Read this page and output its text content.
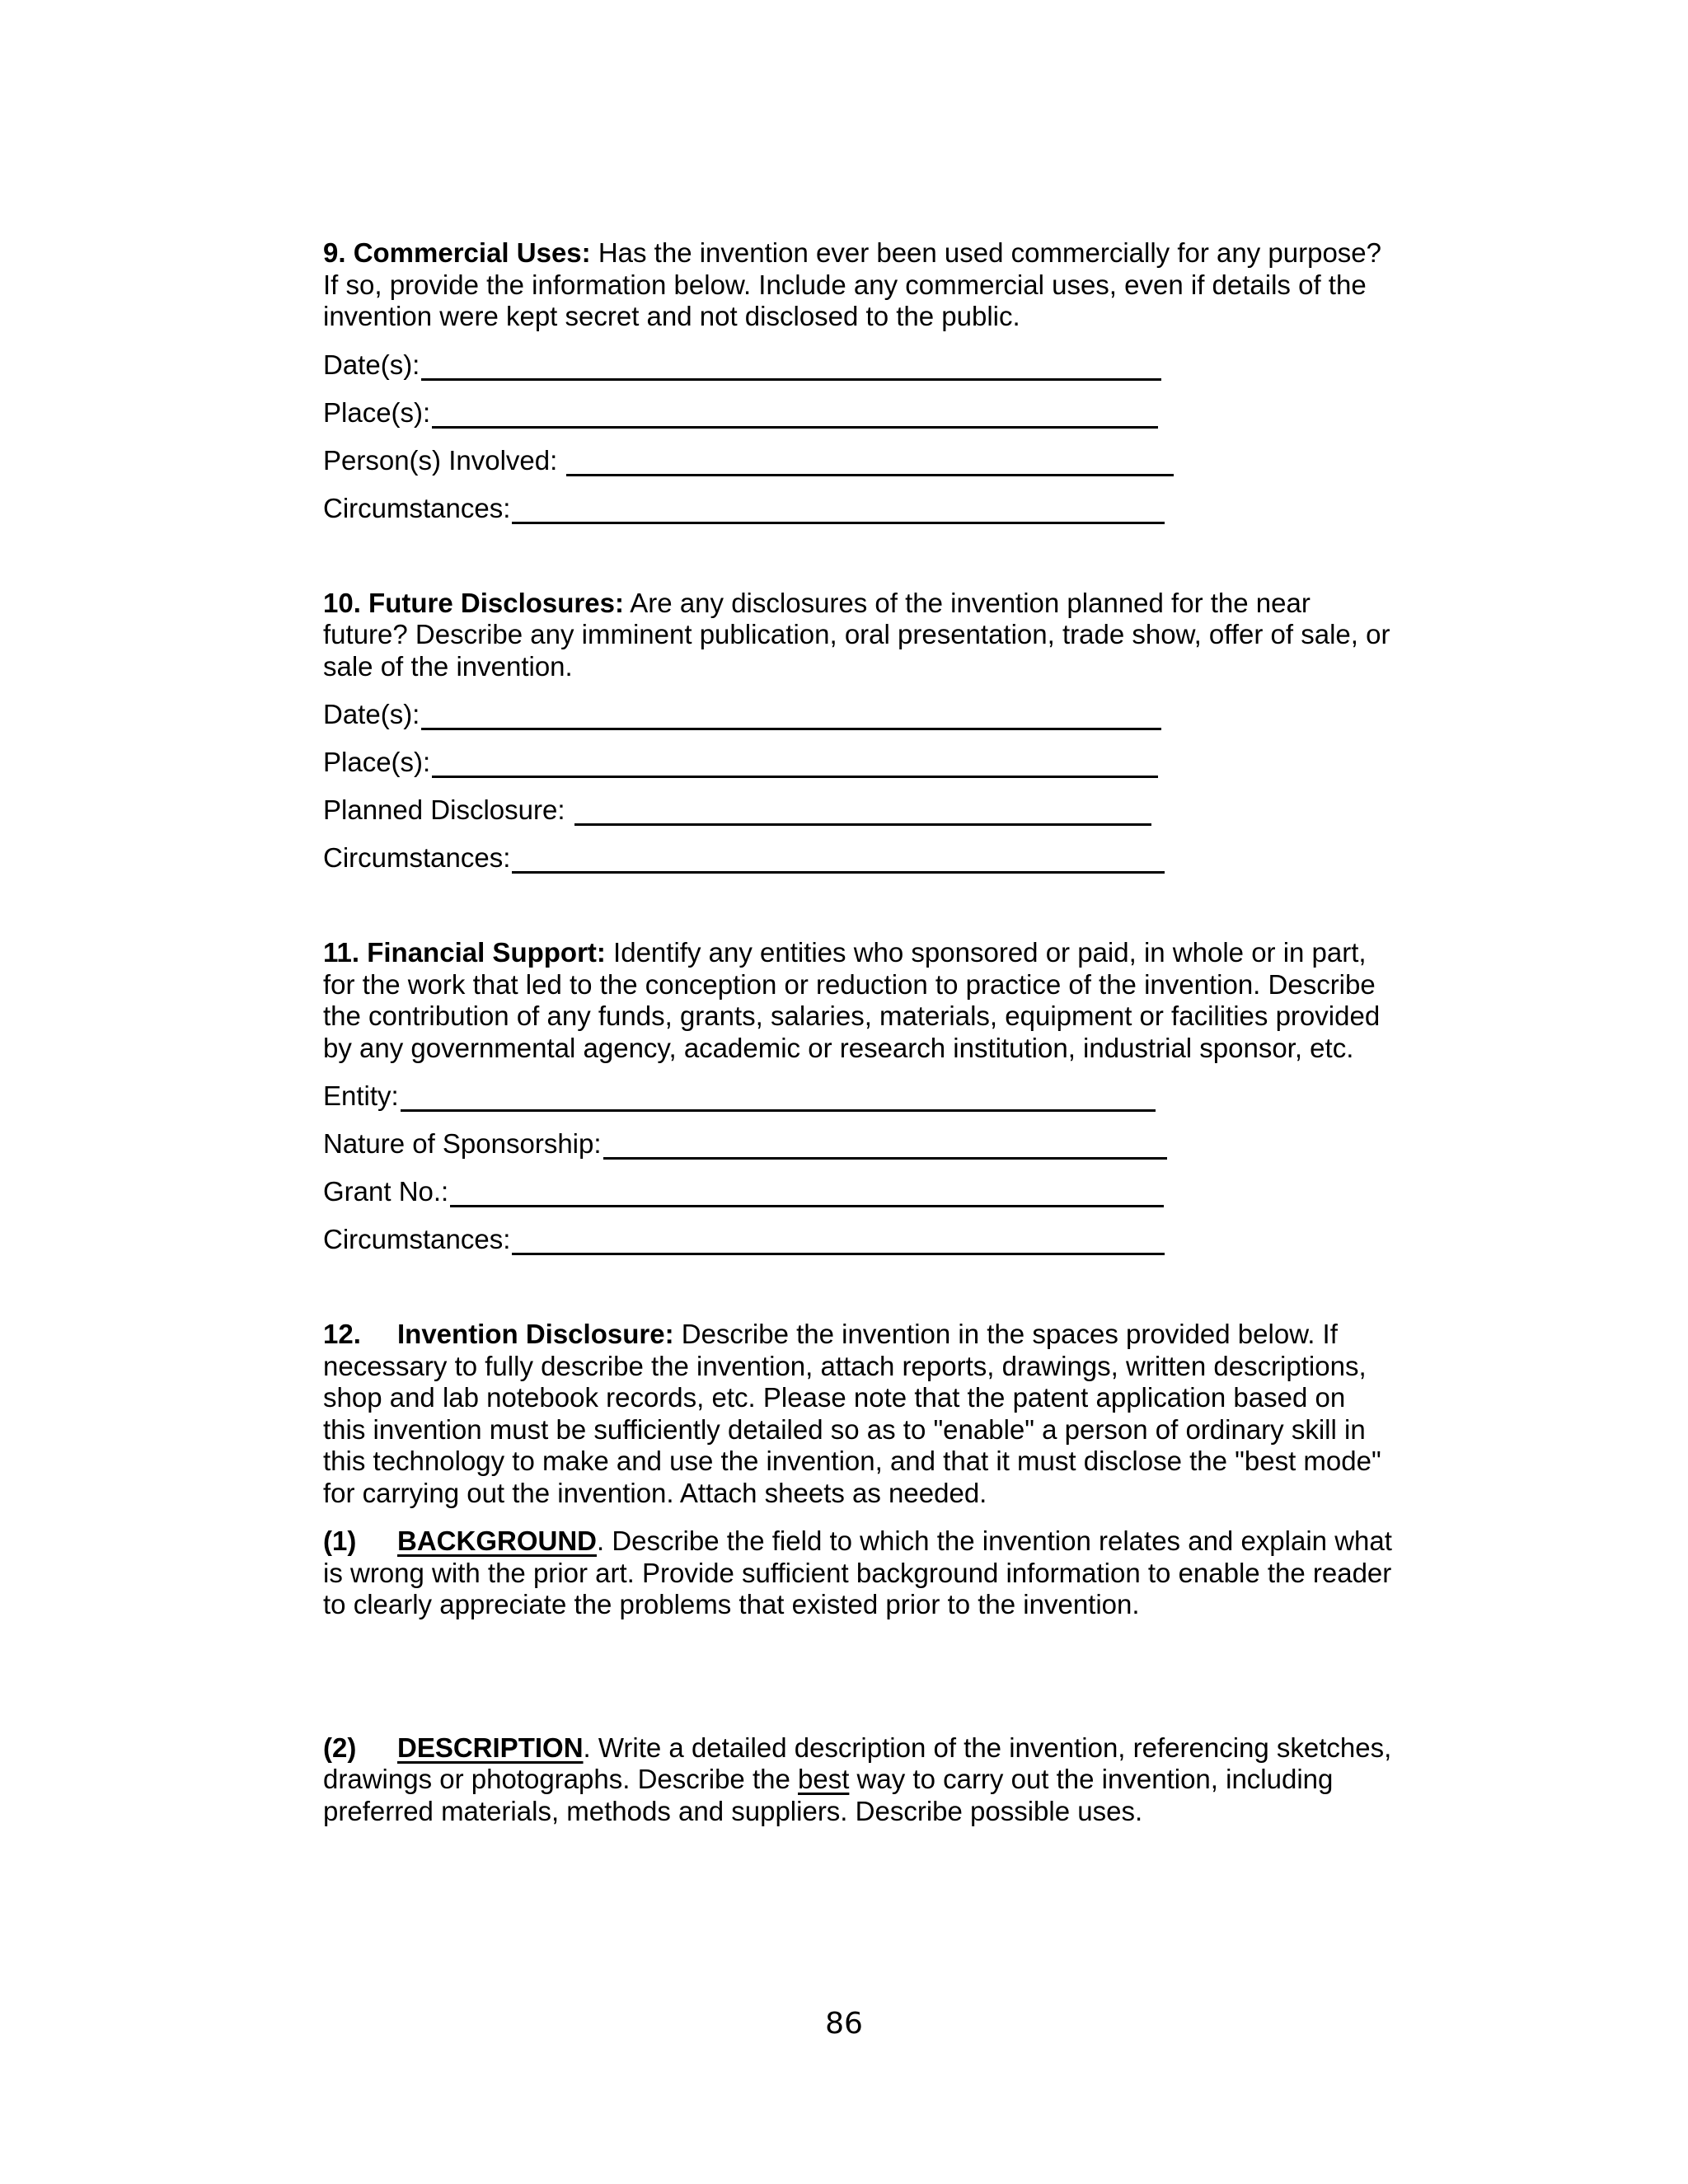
9. Commercial Uses: Has the invention ever been used commercially for any purpose? If so, provide the information below. Include any commercial uses, even if details of the invention were kept secret and not disclosed to the public.

Date(s):
Place(s):
Person(s) Involved:
Circumstances:

10. Future Disclosures: Are any disclosures of the invention planned for the near future? Describe any imminent publication, oral presentation, trade show, offer of sale, or sale of the invention.

Date(s):
Place(s):
Planned Disclosure:
Circumstances:

11. Financial Support: Identify any entities who sponsored or paid, in whole or in part, for the work that led to the conception or reduction to practice of the invention. Describe the contribution of any funds, grants, salaries, materials, equipment or facilities provided by any governmental agency, academic or research institution, industrial sponsor, etc.

Entity:
Nature of Sponsorship:
Grant No.:
Circumstances:

12. Invention Disclosure: Describe the invention in the spaces provided below. If necessary to fully describe the invention, attach reports, drawings, written descriptions, shop and lab notebook records, etc. Please note that the patent application based on this invention must be sufficiently detailed so as to "enable" a person of ordinary skill in this technology to make and use the invention, and that it must disclose the "best mode" for carrying out the invention. Attach sheets as needed.

(1) BACKGROUND. Describe the field to which the invention relates and explain what is wrong with the prior art. Provide sufficient background information to enable the reader to clearly appreciate the problems that existed prior to the invention.

(2) DESCRIPTION. Write a detailed description of the invention, referencing sketches, drawings or photographs. Describe the best way to carry out the invention, including preferred materials, methods and suppliers. Describe possible uses.

86
